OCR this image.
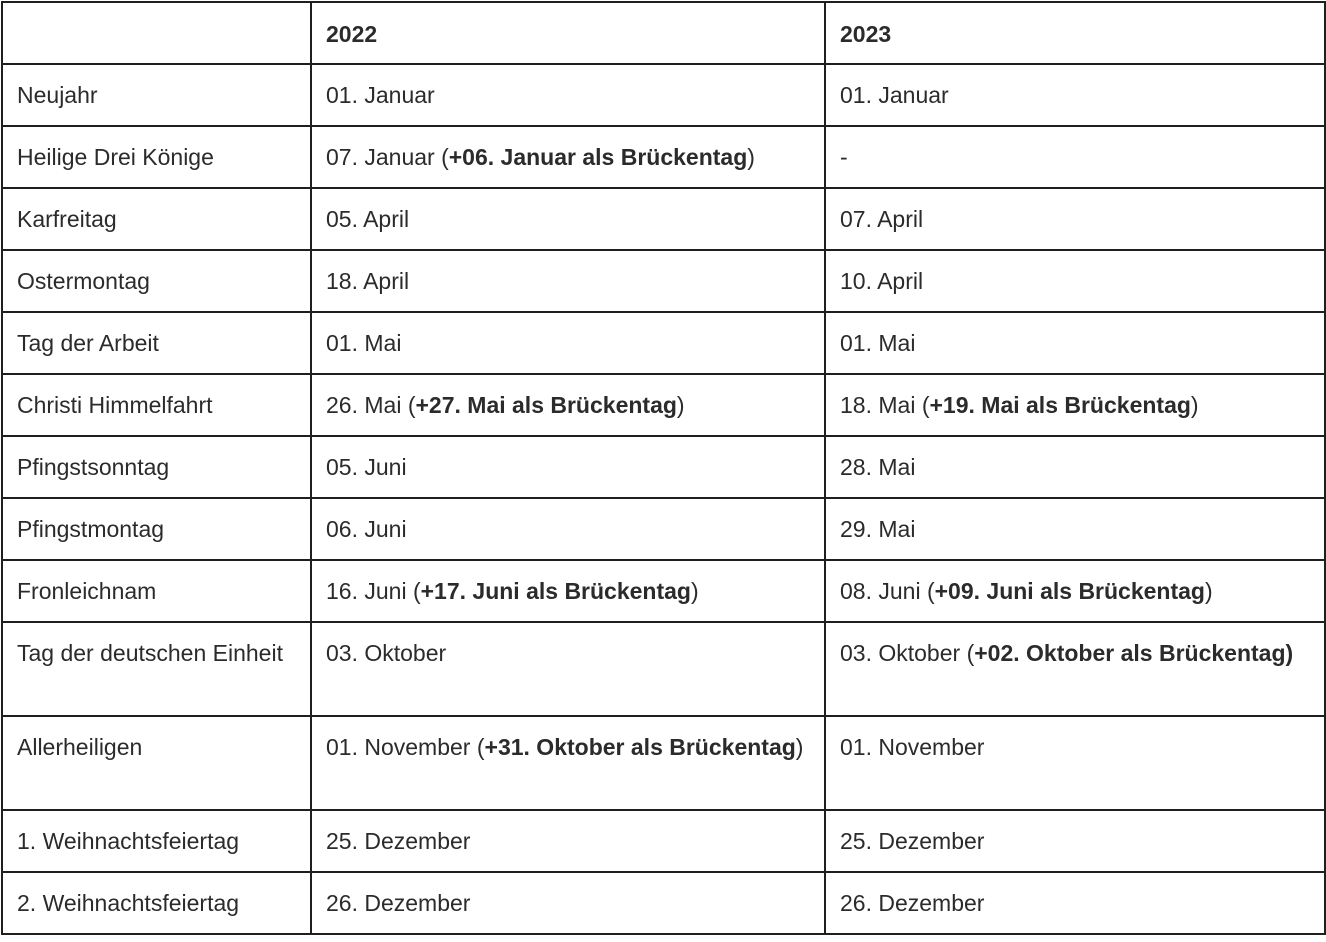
	2022	2023
Neujahr	01. Januar	01. Januar
Heilige Drei Könige	07. Januar (+06. Januar als Brückentag)	-
Karfreitag	05. April	07. April
Ostermontag	18. April	10. April
Tag der Arbeit	01. Mai	01. Mai
Christi Himmelfahrt	26. Mai (+27. Mai als Brückentag)	18. Mai (+19. Mai als Brückentag)
Pfingstsonntag	05. Juni	28. Mai
Pfingstmontag	06. Juni	29. Mai
Fronleichnam	16. Juni (+17. Juni als Brückentag)	08. Juni (+09. Juni als Brückentag)
Tag der deutschen Einheit	03. Oktober	03. Oktober (+02. Oktober als Brückentag)
Allerheiligen	01. November (+31. Oktober als Brückentag)	01. November
1. Weihnachtsfeiertag	25. Dezember	25. Dezember
2. Weihnachtsfeiertag	26. Dezember	26. Dezember
